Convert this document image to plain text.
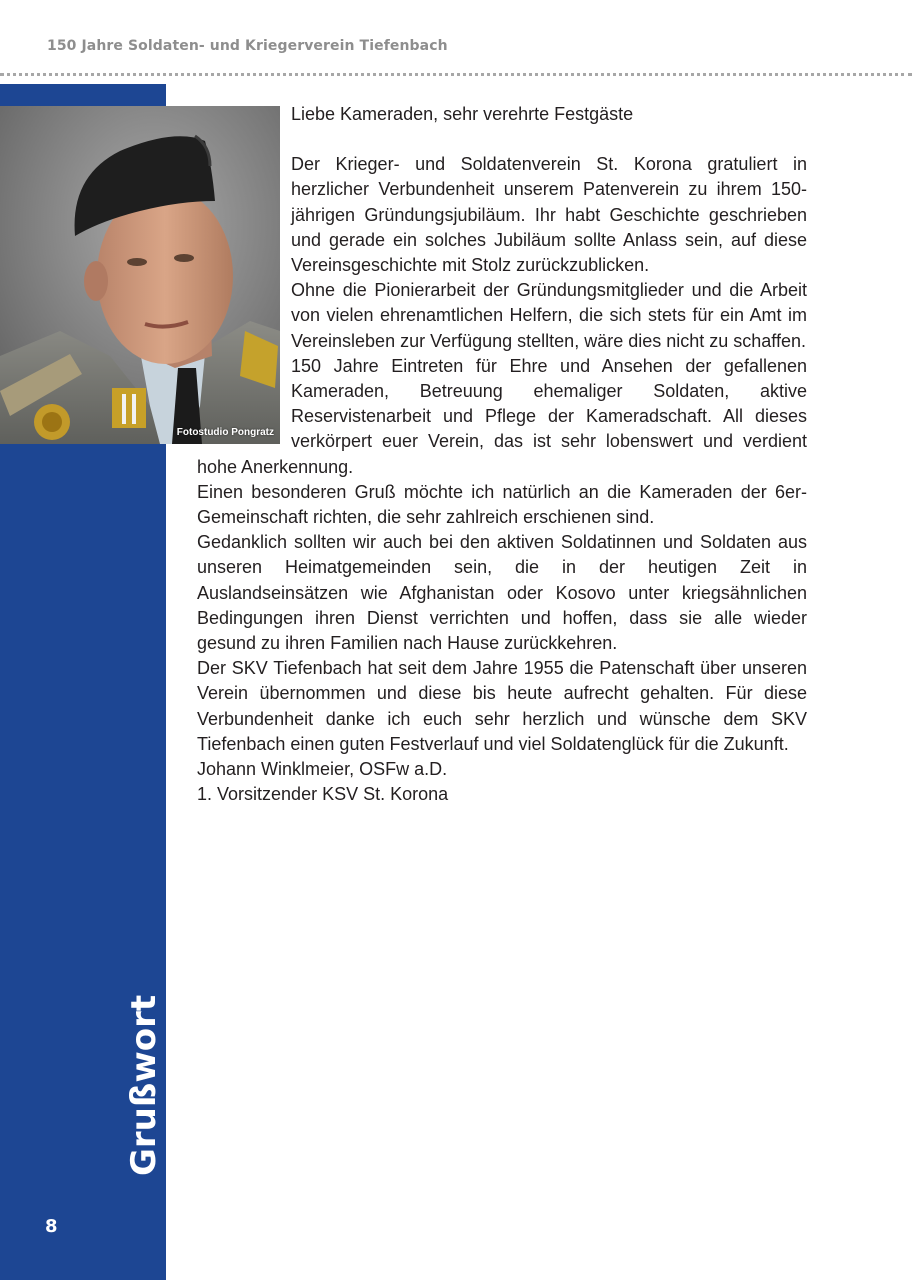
150 Jahre Soldaten- und Kriegerverein Tiefenbach
Grußwort des Patenvereins St. Korona
8
Fotostudio Pongratz

Liebe Kameraden, sehr verehrte Festgäste

Der Krieger- und Soldatenverein St. Korona gratuliert in herzlicher Verbundenheit unserem Patenverein zu ihrem 150-jährigen Gründungsjubiläum. Ihr habt Geschichte geschrieben und gerade ein solches Jubiläum sollte Anlass sein, auf diese Vereinsgeschichte mit Stolz zurückzublicken.

Ohne die Pionierarbeit der Gründungsmitglieder und die Arbeit von vielen ehrenamtlichen Helfern, die sich stets für ein Amt im Vereinsleben zur Verfügung stellten, wäre dies nicht zu schaffen.

150 Jahre Eintreten für Ehre und Ansehen der gefallenen Kameraden, Betreuung ehemaliger Soldaten, aktive Reservistenarbeit und Pflege der Kameradschaft. All dieses verkörpert euer Verein, das ist sehr lobenswert und verdient hohe Anerkennung.

Einen besonderen Gruß möchte ich natürlich an die Kameraden der 6er-Gemeinschaft richten, die sehr zahlreich erschienen sind.

Gedanklich sollten wir auch bei den aktiven Soldatinnen und Soldaten aus unseren Heimatgemeinden sein, die in der heutigen Zeit in Auslandseinsätzen wie Afghanistan oder Kosovo unter kriegsähnlichen Bedingungen ihren Dienst verrichten und hoffen, dass sie alle wieder gesund zu ihren Familien nach Hause zurückkehren.

Der SKV Tiefenbach hat seit dem Jahre 1955 die Patenschaft über unseren Verein übernommen und diese bis heute aufrecht gehalten. Für diese Verbundenheit danke ich euch sehr herzlich und wünsche dem SKV Tiefenbach einen guten Festverlauf und viel Soldatenglück für die Zukunft.

Johann Winklmeier, OSFw a.D.
1. Vorsitzender KSV St. Korona
